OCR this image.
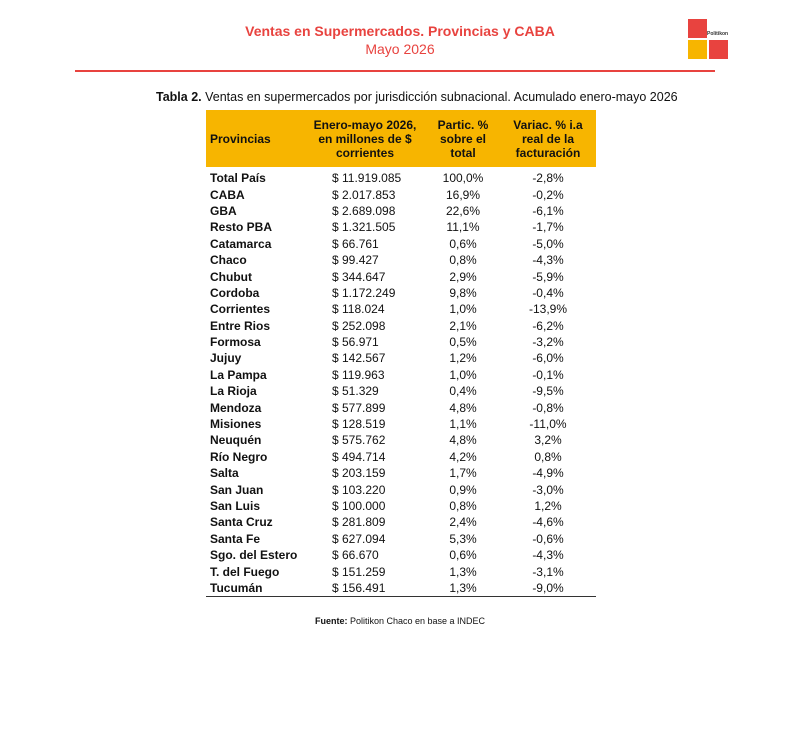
Ventas en Supermercados. Provincias y CABA
Mayo 2026
Politikon
Tabla 2. Ventas en supermercados por jurisdicción subnacional. Acumulado enero-mayo 2026
Provincias	Enero-mayo 2026, en millones de $ corrientes	Partic. % sobre el total	Variac. % i.a real de la facturación
Total País	$ 11.919.085	100,0%	-2,8%
CABA	$ 2.017.853	16,9%	-0,2%
GBA	$ 2.689.098	22,6%	-6,1%
Resto PBA	$ 1.321.505	11,1%	-1,7%
Catamarca	$ 66.761	0,6%	-5,0%
Chaco	$ 99.427	0,8%	-4,3%
Chubut	$ 344.647	2,9%	-5,9%
Cordoba	$ 1.172.249	9,8%	-0,4%
Corrientes	$ 118.024	1,0%	-13,9%
Entre Rios	$ 252.098	2,1%	-6,2%
Formosa	$ 56.971	0,5%	-3,2%
Jujuy	$ 142.567	1,2%	-6,0%
La Pampa	$ 119.963	1,0%	-0,1%
La Rioja	$ 51.329	0,4%	-9,5%
Mendoza	$ 577.899	4,8%	-0,8%
Misiones	$ 128.519	1,1%	-11,0%
Neuquén	$ 575.762	4,8%	3,2%
Río Negro	$ 494.714	4,2%	0,8%
Salta	$ 203.159	1,7%	-4,9%
San Juan	$ 103.220	0,9%	-3,0%
San Luis	$ 100.000	0,8%	1,2%
Santa Cruz	$ 281.809	2,4%	-4,6%
Santa Fe	$ 627.094	5,3%	-0,6%
Sgo. del Estero	$ 66.670	0,6%	-4,3%
T. del Fuego	$ 151.259	1,3%	-3,1%
Tucumán	$ 156.491	1,3%	-9,0%
Fuente: Politikon Chaco en base a INDEC
